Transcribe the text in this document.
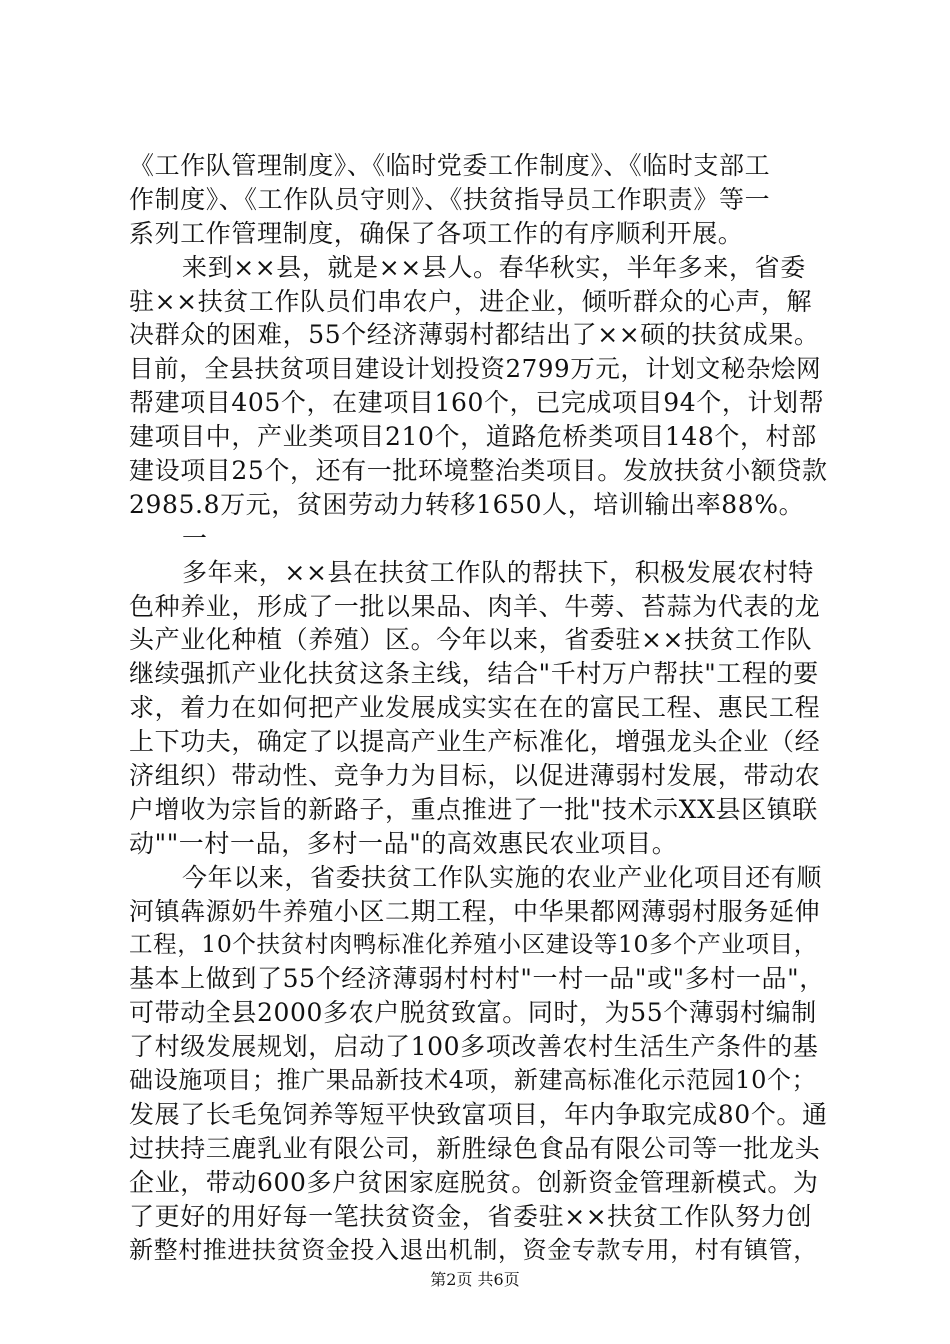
《工作队管理制度》、《临时党委工作制度》、《临时支部工
作制度》、《工作队员守则》、《扶贫指导员工作职责》等一
系列工作管理制度，确保了各项工作的有序顺利开展。
来到××县，就是××县人。春华秋实，半年多来，省委
驻××扶贫工作队员们串农户，进企业，倾听群众的心声，解
决群众的困难，55个经济薄弱村都结出了××硕的扶贫成果。
目前，全县扶贫项目建设计划投资2799万元，计划文秘杂烩网
帮建项目405个，在建项目160个，已完成项目94个，计划帮
建项目中，产业类项目210个，道路危桥类项目148个，村部
建设项目25个，还有一批环境整治类项目。发放扶贫小额贷款
2985.8万元，贫困劳动力转移1650人，培训输出率88%。
一
多年来，××县在扶贫工作队的帮扶下，积极发展农村特
色种养业，形成了一批以果品、肉羊、牛蒡、苔蒜为代表的龙
头产业化种植（养殖）区。今年以来，省委驻××扶贫工作队
继续强抓产业化扶贫这条主线，结合"千村万户帮扶"工程的要
求，着力在如何把产业发展成实实在在的富民工程、惠民工程
上下功夫，确定了以提高产业生产标准化，增强龙头企业（经
济组织）带动性、竞争力为目标，以促进薄弱村发展，带动农
户增收为宗旨的新路子，重点推进了一批"技术示XX县区镇联
动""一村一品，多村一品"的高效惠民农业项目。
今年以来，省委扶贫工作队实施的农业产业化项目还有顺
河镇犇源奶牛养殖小区二期工程，中华果都网薄弱村服务延伸
工程，10个扶贫村肉鸭标准化养殖小区建设等10多个产业项目，
基本上做到了55个经济薄弱村村村"一村一品"或"多村一品"，
可带动全县2000多农户脱贫致富。同时，为55个薄弱村编制
了村级发展规划，启动了100多项改善农村生活生产条件的基
础设施项目；推广果品新技术4项，新建高标准化示范园10个；
发展了长毛兔饲养等短平快致富项目，年内争取完成80个。通
过扶持三鹿乳业有限公司，新胜绿色食品有限公司等一批龙头
企业，带动600多户贫困家庭脱贫。创新资金管理新模式。为
了更好的用好每一笔扶贫资金，省委驻××扶贫工作队努力创
新整村推进扶贫资金投入退出机制，资金专款专用，村有镇管，
第2页 共6页
